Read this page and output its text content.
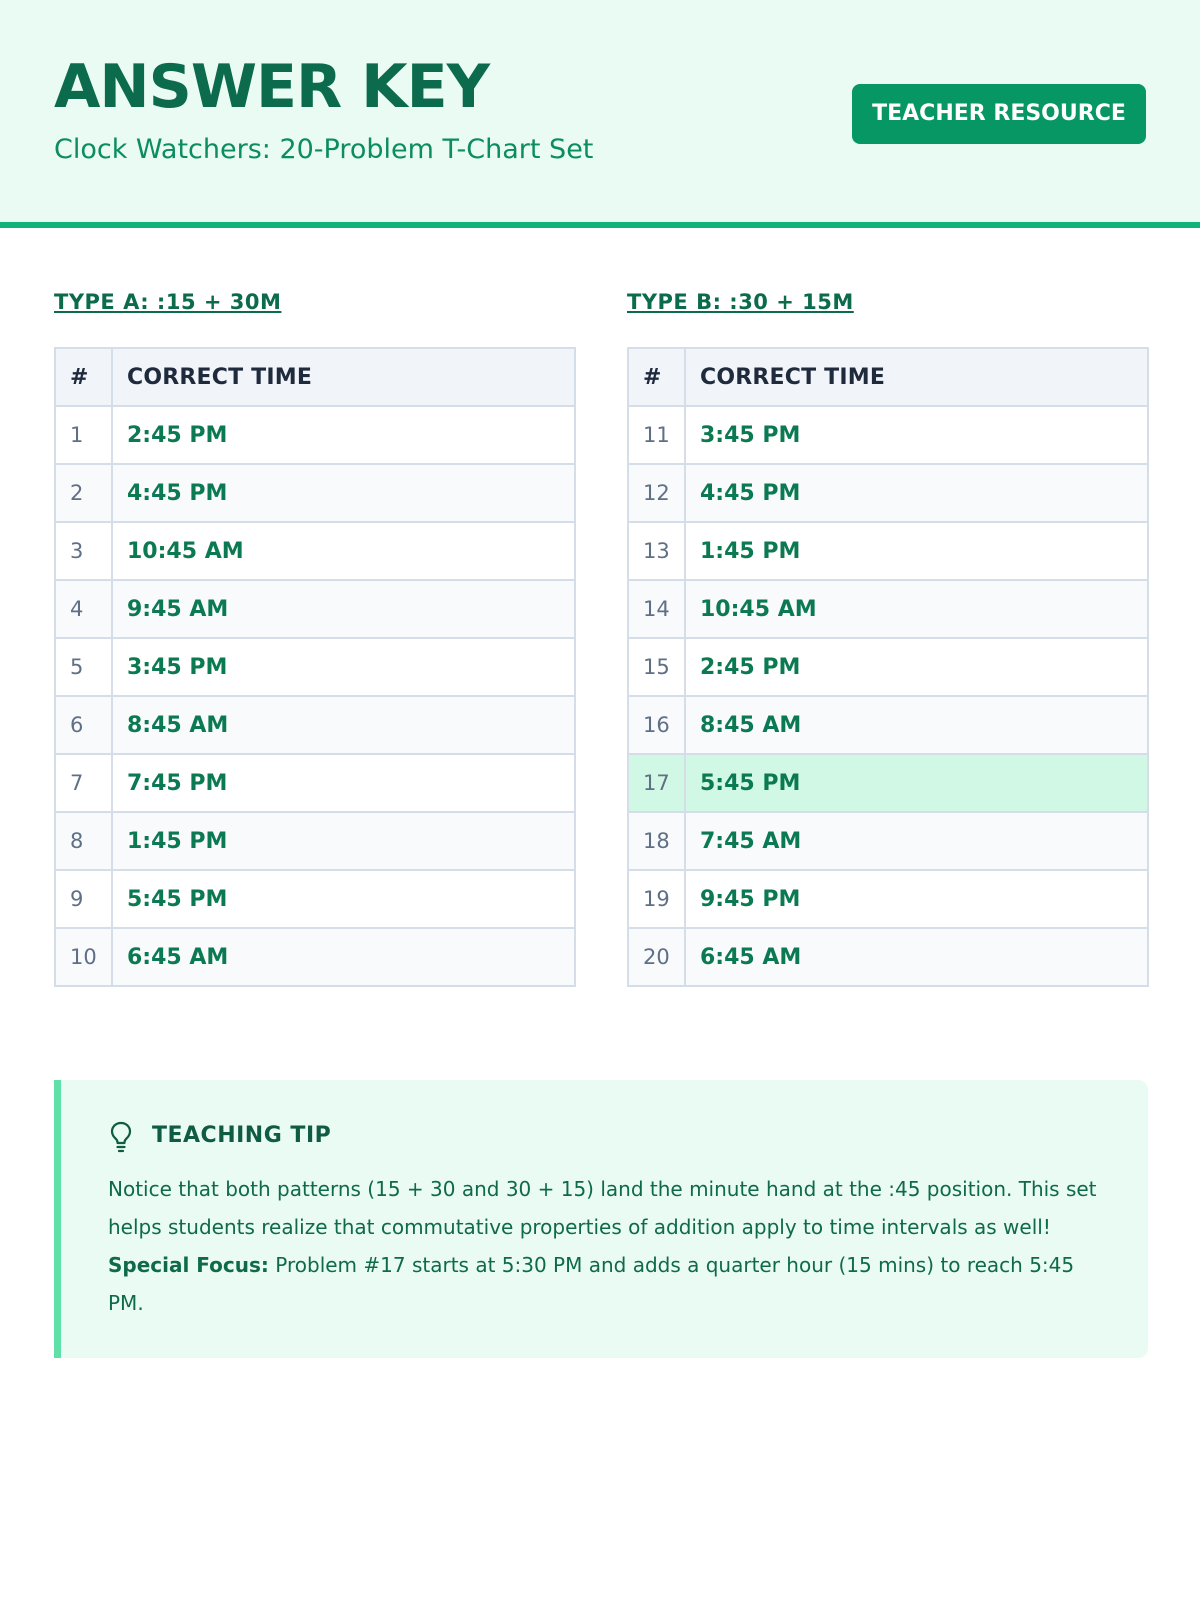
ANSWER KEY
Clock Watchers: 20-Problem T-Chart Set
TEACHER RESOURCE
TYPE A: :15 + 30M	TYPE B: :30 + 15M
#	CORRECT TIME
1	2:45 PM
2	4:45 PM
3	10:45 AM
4	9:45 AM
5	3:45 PM
6	8:45 AM
7	7:45 PM
8	1:45 PM
9	5:45 PM
10	6:45 AM
#	CORRECT TIME
11	3:45 PM
12	4:45 PM
13	1:45 PM
14	10:45 AM
15	2:45 PM
16	8:45 AM
17	5:45 PM
18	7:45 AM
19	9:45 PM
20	6:45 AM
TEACHING TIP

Notice that both patterns (15 + 30 and 30 + 15) land the minute hand at the :45 position. This set helps students realize that commutative properties of addition apply to time intervals as well! Special Focus: Problem #17 starts at 5:30 PM and adds a quarter hour (15 mins) to reach 5:45 PM.
